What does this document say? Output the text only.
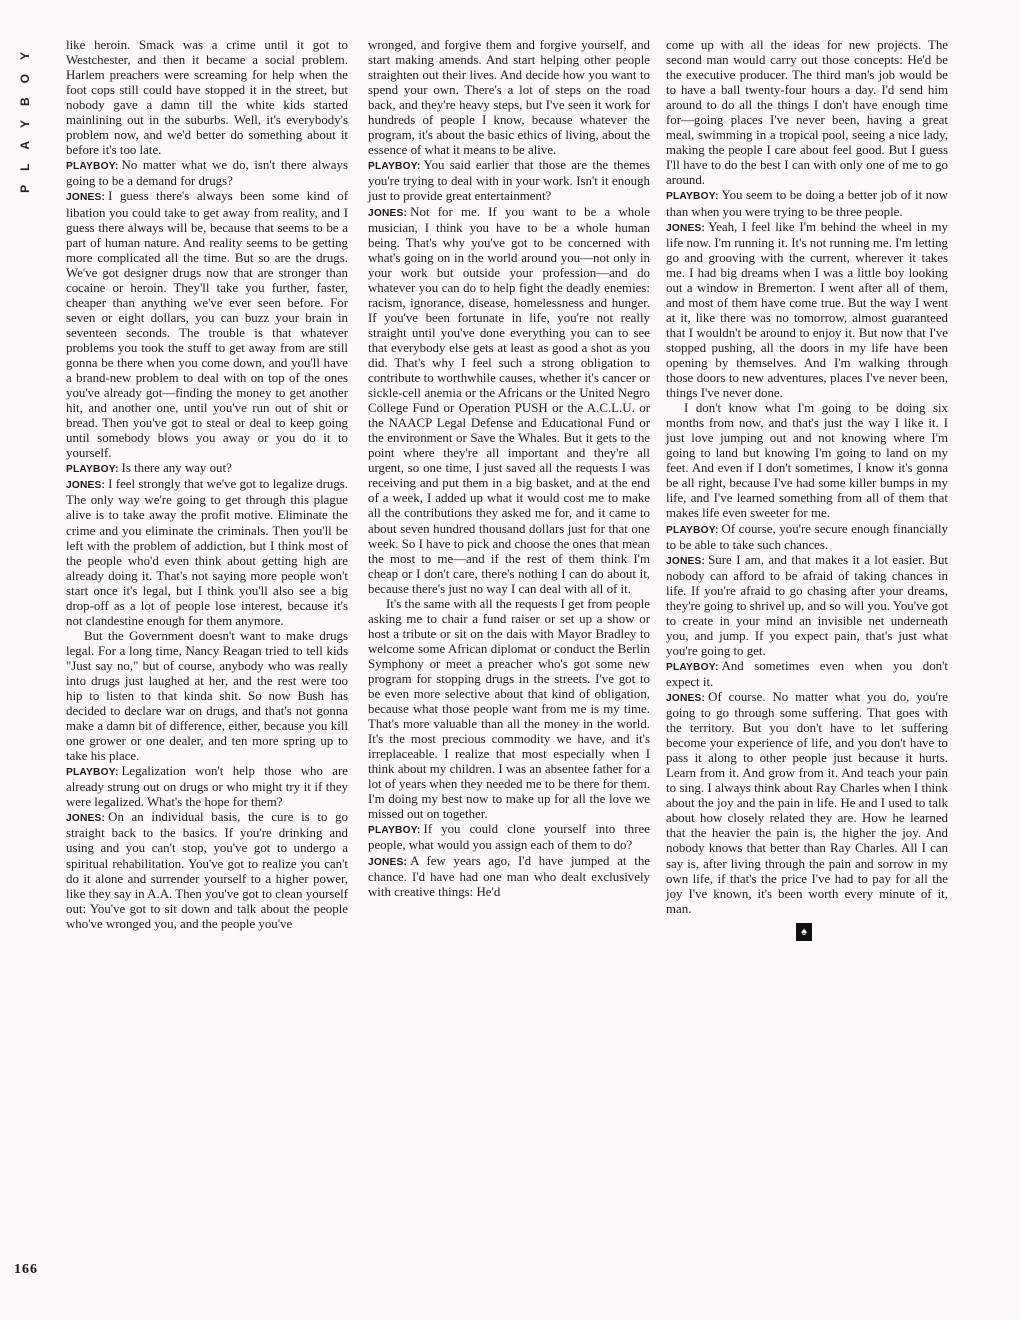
PLAYBOY	like heroin. Smack was a crime until it got to Westchester, and then it became a social problem. Harlem preachers were screaming for help when the foot cops still could have stopped it in the street, but nobody gave a damn till the white kids started mainlining out in the suburbs. Well, it's everybody's problem now, and we'd better do something about it before it's too late.

PLAYBOY: No matter what we do, isn't there always going to be a demand for drugs?

JONES: I guess there's always been some kind of libation you could take to get away from reality, and I guess there always will be, because that seems to be a part of human nature. And reality seems to be getting more complicated all the time. But so are the drugs. We've got designer drugs now that are stronger than cocaine or heroin. They'll take you further, faster, cheaper than anything we've ever seen before. For seven or eight dollars, you can buzz your brain in seventeen seconds. The trouble is that whatever problems you took the stuff to get away from are still gonna be there when you come down, and you'll have a brand-new problem to deal with on top of the ones you've already got—finding the money to get another hit, and another one, until you've run out of shit or bread. Then you've got to steal or deal to keep going until somebody blows you away or you do it to yourself.

PLAYBOY: Is there any way out?

JONES: I feel strongly that we've got to legalize drugs. The only way we're going to get through this plague alive is to take away the profit motive. Eliminate the crime and you eliminate the criminals. Then you'll be left with the problem of addiction, but I think most of the people who'd even think about getting high are already doing it. That's not saying more people won't start once it's legal, but I think you'll also see a big drop-off as a lot of people lose interest, because it's not clandestine enough for them anymore.

But the Government doesn't want to make drugs legal. For a long time, Nancy Reagan tried to tell kids "Just say no," but of course, anybody who was really into drugs just laughed at her, and the rest were too hip to listen to that kinda shit. So now Bush has decided to declare war on drugs, and that's not gonna make a damn bit of difference, either, because you kill one grower or one dealer, and ten more spring up to take his place.

PLAYBOY: Legalization won't help those who are already strung out on drugs or who might try it if they were legalized. What's the hope for them?

JONES: On an individual basis, the cure is to go straight back to the basics. If you're drinking and using and you can't stop, you've got to undergo a spiritual rehabilitation. You've got to realize you can't do it alone and surrender yourself to a higher power, like they say in A.A. Then you've got to clean yourself out: You've got to sit down and talk about the people who've wronged you, and the people you've

wronged, and forgive them and forgive yourself, and start making amends. And start helping other people straighten out their lives. And decide how you want to spend your own. There's a lot of steps on the road back, and they're heavy steps, but I've seen it work for hundreds of people I know, because whatever the program, it's about the basic ethics of living, about the essence of what it means to be alive.

PLAYBOY: You said earlier that those are the themes you're trying to deal with in your work. Isn't it enough just to provide great entertainment?

JONES: Not for me. If you want to be a whole musician, I think you have to be a whole human being. That's why you've got to be concerned with what's going on in the world around you—not only in your work but outside your profession—and do whatever you can do to help fight the deadly enemies: racism, ignorance, disease, homelessness and hunger. If you've been fortunate in life, you're not really straight until you've done everything you can to see that everybody else gets at least as good a shot as you did. That's why I feel such a strong obligation to contribute to worthwhile causes, whether it's cancer or sickle-cell anemia or the Africans or the United Negro College Fund or Operation PUSH or the A.C.L.U. or the NAACP Legal Defense and Educational Fund or the environment or Save the Whales. But it gets to the point where they're all important and they're all urgent, so one time, I just saved all the requests I was receiving and put them in a big basket, and at the end of a week, I added up what it would cost me to make all the contributions they asked me for, and it came to about seven hundred thousand dollars just for that one week. So I have to pick and choose the ones that mean the most to me—and if the rest of them think I'm cheap or I don't care, there's nothing I can do about it, because there's just no way I can deal with all of it.

It's the same with all the requests I get from people asking me to chair a fund raiser or set up a show or host a tribute or sit on the dais with Mayor Bradley to welcome some African diplomat or conduct the Berlin Symphony or meet a preacher who's got some new program for stopping drugs in the streets. I've got to be even more selective about that kind of obligation, because what those people want from me is my time. That's more valuable than all the money in the world. It's the most precious commodity we have, and it's irreplaceable. I realize that most especially when I think about my children. I was an absentee father for a lot of years when they needed me to be there for them. I'm doing my best now to make up for all the love we missed out on together.

PLAYBOY: If you could clone yourself into three people, what would you assign each of them to do?

JONES: A few years ago, I'd have jumped at the chance. I'd have had one man who dealt exclusively with creative things: He'd

come up with all the ideas for new projects. The second man would carry out those concepts: He'd be the executive producer. The third man's job would be to have a ball twenty-four hours a day. I'd send him around to do all the things I don't have enough time for—going places I've never been, having a great meal, swimming in a tropical pool, seeing a nice lady, making the people I care about feel good. But I guess I'll have to do the best I can with only one of me to go around.

PLAYBOY: You seem to be doing a better job of it now than when you were trying to be three people.

JONES: Yeah, I feel like I'm behind the wheel in my life now. I'm running it. It's not running me. I'm letting go and grooving with the current, wherever it takes me. I had big dreams when I was a little boy looking out a window in Bremerton. I went after all of them, and most of them have come true. But the way I went at it, like there was no tomorrow, almost guaranteed that I wouldn't be around to enjoy it. But now that I've stopped pushing, all the doors in my life have been opening by themselves. And I'm walking through those doors to new adventures, places I've never been, things I've never done.

I don't know what I'm going to be doing six months from now, and that's just the way I like it. I just love jumping out and not knowing where I'm going to land but knowing I'm going to land on my feet. And even if I don't sometimes, I know it's gonna be all right, because I've had some killer bumps in my life, and I've learned something from all of them that makes life even sweeter for me.

PLAYBOY: Of course, you're secure enough financially to be able to take such chances.

JONES: Sure I am, and that makes it a lot easier. But nobody can afford to be afraid of taking chances in life. If you're afraid to go chasing after your dreams, they're going to shrivel up, and so will you. You've got to create in your mind an invisible net underneath you, and jump. If you expect pain, that's just what you're going to get.

PLAYBOY: And sometimes even when you don't expect it.

JONES: Of course. No matter what you do, you're going to go through some suffering. That goes with the territory. But you don't have to let suffering become your experience of life, and you don't have to pass it along to other people just because it hurts. Learn from it. And grow from it. And teach your pain to sing. I always think about Ray Charles when I think about the joy and the pain in life. He and I used to talk about how closely related they are. How he learned that the heavier the pain is, the higher the joy. And nobody knows that better than Ray Charles. All I can say is, after living through the pain and sorrow in my own life, if that's the price I've had to pay for all the joy I've known, it's been worth every minute of it, man.

♠
166
